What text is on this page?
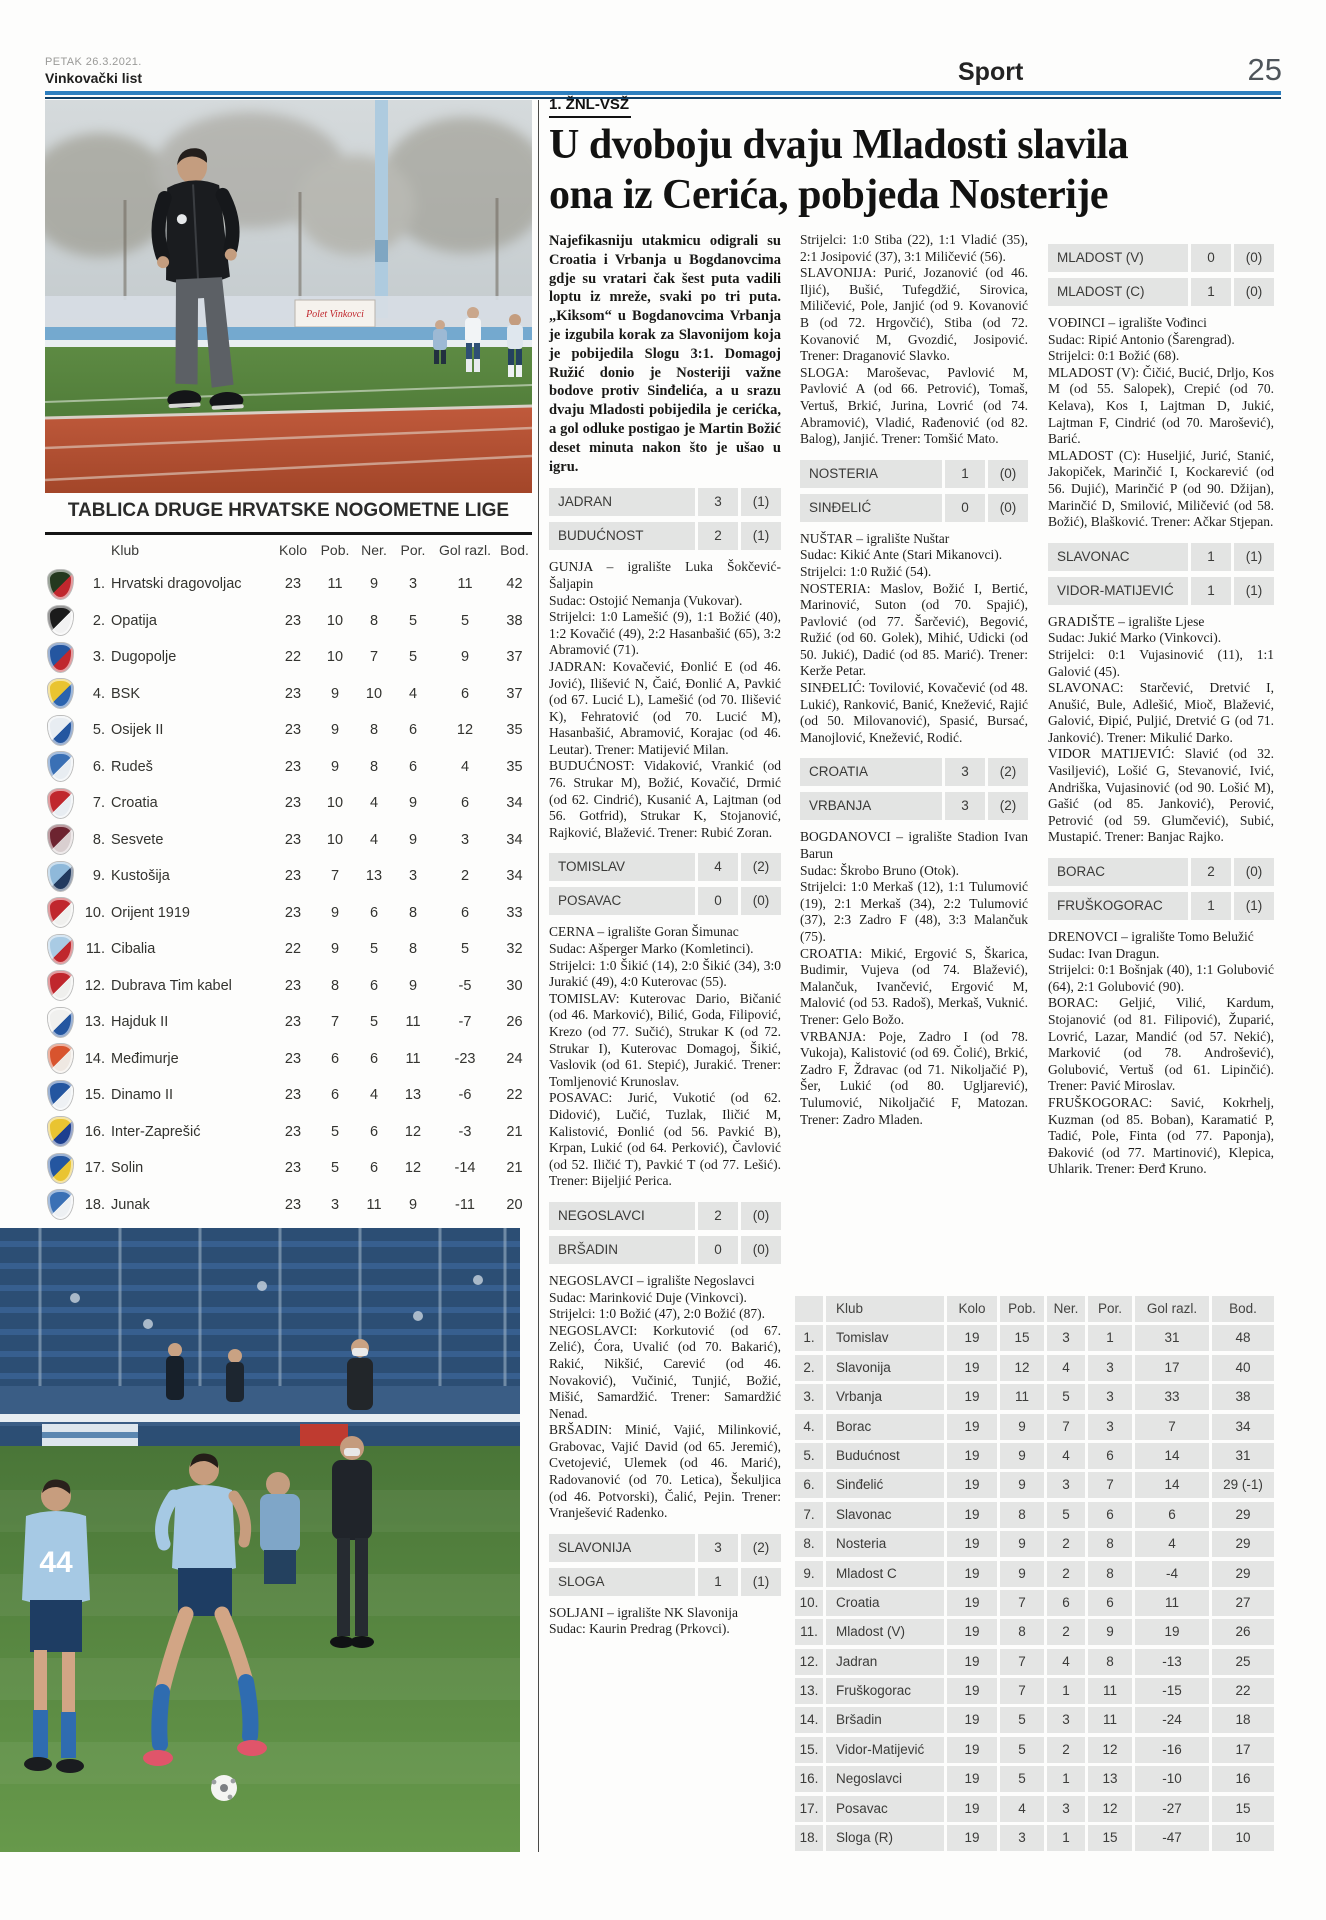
PETAK 26.3.2021.
Vinkovački list	Sport	25
Polet Vinkovci
TABLICA DRUGE HRVATSKE NOGOMETNE LIGE
Klub	Kolo Pob. Ner. Por. Gol razl. Bod.
1. Hrvatski dragovoljac	23	11	9	3	11	42
2. Opatija	23	10	8	5	5	38
3. Dugopolje	22	10	7	5	9	37
4. BSK	23	9	10	4	6	37
5. Osijek II	23	9	8	6	12	35
6. Rudeš	23	9	8	6	4	35
7. Croatia	23	10	4	9	6	34
8. Sesvete	23	10	4	9	3	34
9. Kustošija	23	7	13	3	2	34
10. Orijent 1919	23	9	6	8	6	33
11. Cibalia	22	9	5	8	5	32
12. Dubrava Tim kabel	23	8	6	9	-5	30
13. Hajduk II	23	7	5	11	-7	26
14. Međimurje	23	6	6	11	-23	24
15. Dinamo II	23	6	4	13	-6	22
16. Inter-Zaprešić	23	5	6	12	-3	21
17. Solin	23	5	6	12	-14	21
18. Junak	23	3	11	9	-11	20
44
1. ŽNL-VSŽ
U dvoboju dvaju Mladosti slavila
ona iz Cerića, pobjeda Nosterije

Najefikasniju utakmicu odigrali su Croatia i Vrbanja u Bogdanovcima gdje su vratari čak šest puta vadili loptu iz mreže, svaki po tri puta. „Kiksom“ u Bogdanovcima Vrbanja je izgubila korak za Slavonijom koja je pobijedila Slogu 3:1. Domagoj Ružić donio je Nosteriji važne bodove protiv Sinđelića, a u srazu dvaju Mladosti pobijedila je cerićka, a gol odluke postigao je Martin Božić deset minuta nakon što je ušao u igru.

JADRAN	3	(1)
BUDUĆNOST	2	(1)

GUNJA – igralište Luka Šokčević-Šaljapin

Sudac: Ostojić Nemanja (Vukovar).

Strijelci: 1:0 Lamešić (9), 1:1 Božić (40), 1:2 Kovačić (49), 2:2 Hasanbašić (65), 3:2 Abramović (71).

JADRAN: Kovačević, Đonlić E (od 46. Jović), Ilišević N, Čaić, Đonlić A, Pavkić (od 67. Lucić L), Lamešić (od 70. Ilišević K), Fehratović (od 70. Lucić M), Hasanbašić, Abramović, Korajac (od 46. Leutar). Trener: Matijević Milan.

BUDUĆNOST: Vidaković, Vrankić (od 76. Strukar M), Božić, Kovačić, Drmić (od 62. Cindrić), Kusanić A, Lajtman (od 56. Gotfrid), Strukar K, Stojanović, Rajković, Blažević. Trener: Rubić Zoran.

TOMISLAV	4	(2)
POSAVAC	0	(0)

CERNA – igralište Goran Šimunac

Sudac: Ašperger Marko (Komletinci).

Strijelci: 1:0 Šikić (14), 2:0 Šikić (34), 3:0 Jurakić (49), 4:0 Kuterovac (55).

TOMISLAV: Kuterovac Dario, Bičanić (od 46. Marković), Bilić, Goda, Filipović, Krezo (od 77. Sučić), Strukar K (od 72. Strukar I), Kuterovac Domagoj, Šikić, Vaslovik (od 61. Stepić), Jurakić. Trener: Tomljenović Krunoslav.

POSAVAC: Jurić, Vukotić (od 62. Didović), Lučić, Tuzlak, Iličić M, Kalistović, Đonlić (od 56. Pavkić B), Krpan, Lukić (od 64. Perković), Čavlović (od 52. Iličić T), Pavkić T (od 77. Lešić). Trener: Bijeljić Perica.

NEGOSLAVCI	2	(0)
BRŠADIN	0	(0)

NEGOSLAVCI – igralište Negoslavci

Sudac: Marinković Duje (Vinkovci).

Strijelci: 1:0 Božić (47), 2:0 Božić (87).

NEGOSLAVCI: Korkutović (od 67. Zelić), Ćora, Uvalić (od 70. Bakarić), Rakić, Nikšić, Carević (od 46. Novaković), Vučinić, Tunjić, Božić, Mišić, Samardžić. Trener: Samardžić Nenad.

BRŠADIN: Minić, Vajić, Milinković, Grabovac, Vajić David (od 65. Jeremić), Cvetojević, Ulemek (od 46. Marić), Radovanović (od 70. Letica), Šekuljica (od 46. Potvorski), Čalić, Pejin. Trener: Vranješević Radenko.

SLAVONIJA	3	(2)
SLOGA	1	(1)

SOLJANI – igralište NK Slavonija

Sudac: Kaurin Predrag (Prkovci).

Strijelci: 1:0 Stiba (22), 1:1 Vladić (35), 2:1 Josipović (37), 3:1 Miličević (56).

SLAVONIJA: Purić, Jozanović (od 46. Iljić), Bušić, Tufegdžić, Sirovica, Miličević, Pole, Janjić (od 9. Kovanović B (od 72. Hrgovčić), Stiba (od 72. Kovanović M, Gvozdić, Josipović. Trener: Draganović Slavko.

SLOGA: Maroševac, Pavlović M, Pavlović A (od 66. Petrović), Tomaš, Vertuš, Brkić, Jurina, Lovrić (od 74. Abramović), Vladić, Rađenović (od 82. Balog), Janjić. Trener: Tomšić Mato.

NOSTERIA	1	(0)
SINĐELIĆ	0	(0)

NUŠTAR – igralište Nuštar

Sudac: Kikić Ante (Stari Mikanovci).

Strijelci: 1:0 Ružić (54).

NOSTERIA: Maslov, Božić I, Bertić, Marinović, Suton (od 70. Spajić), Pavlović (od 77. Šarčević), Begović, Ružić (od 60. Golek), Mihić, Udicki (od 50. Jukić), Dadić (od 85. Marić). Trener: Kerže Petar.

SINĐELIĆ: Tovilović, Kovačević (od 48. Lukić), Ranković, Banić, Knežević, Rajić (od 50. Milovanović), Spasić, Bursać, Manojlović, Knežević, Rodić.

CROATIA	3	(2)
VRBANJA	3	(2)

BOGDANOVCI – igralište Stadion Ivan Barun

Sudac: Škrobo Bruno (Otok).

Strijelci: 1:0 Merkaš (12), 1:1 Tulumović (19), 2:1 Merkaš (34), 2:2 Tulumović (37), 2:3 Zadro F (48), 3:3 Malančuk (75).

CROATIA: Mikić, Ergović S, Škarica, Budimir, Vujeva (od 74. Blažević), Malančuk, Ivančević, Ergović M, Malović (od 53. Radoš), Merkaš, Vuknić. Trener: Gelo Božo.

VRBANJA: Poje, Zadro I (od 78. Vukoja), Kalistović (od 69. Čolić), Brkić, Zadro F, Ždravac (od 71. Nikoljačić P), Šer, Lukić (od 80. Ugljarević), Tulumović, Nikoljačić F, Matozan. Trener: Zadro Mladen.

MLADOST (V)	0	(0)
MLADOST (C)	1	(0)

VOĐINCI – igralište Vođinci

Sudac: Ripić Antonio (Šarengrad).

Strijelci: 0:1 Božić (68).

MLADOST (V): Čičić, Bucić, Drljo, Kos M (od 55. Salopek), Crepić (od 70. Kelava), Kos I, Lajtman D, Jukić, Lajtman F, Cindrić (od 70. Marošević), Barić.

MLADOST (C): Huseljić, Jurić, Stanić, Jakopiček, Marinčić I, Kockarević (od 56. Dujić), Marinčić P (od 90. Džijan), Marinčić D, Smilović, Miličević (od 58. Božić), Blašković. Trener: Ačkar Stjepan.

SLAVONAC	1	(1)
VIDOR-MATIJEVIĆ	1	(1)

GRADIŠTE – igralište Ljese

Sudac: Jukić Marko (Vinkovci).

Strijelci: 0:1 Vujasinović (11), 1:1 Galović (45).

SLAVONAC: Starčević, Dretvić I, Anušić, Bule, Adlešić, Mioč, Blažević, Galović, Đipić, Puljić, Dretvić G (od 71. Janković). Trener: Mikulić Darko.

VIDOR MATIJEVIĆ: Slavić (od 32. Vasiljević), Lošić G, Stevanović, Ivić, Andriška, Vujasinović (od 90. Lošić M), Gašić (od 85. Janković), Perović, Petrović (od 59. Glumčević), Subić, Mustapić. Trener: Banjac Rajko.

BORAC	2	(0)
FRUŠKOGORAC	1	(1)

DRENOVCI – igralište Tomo Belužić

Sudac: Ivan Dragun.

Strijelci: 0:1 Bošnjak (40), 1:1 Golubović (64), 2:1 Golubović (90).

BORAC: Geljić, Vilić, Kardum, Stojanović (od 81. Filipović), Župarić, Lovrić, Lazar, Mandić (od 57. Nekić), Marković (od 78. Androšević), Golubović, Vertuš (od 61. Lipinčić). Trener: Pavić Miroslav.

FRUŠKOGORAC: Savić, Kokrhelj, Kuzman (od 85. Boban), Karamatić P, Tadić, Pole, Finta (od 77. Paponja), Đaković (od 77. Martinović), Klepica, Uhlarik. Trener: Đerđ Kruno.

Klub	Kolo	Pob.	Ner.	Por.	Gol razl.	Bod.
1.	Tomislav	19	15	3	1	31	48
2.	Slavonija	19	12	4	3	17	40
3.	Vrbanja	19	11	5	3	33	38
4.	Borac	19	9	7	3	7	34
5.	Budućnost	19	9	4	6	14	31
6.	Sinđelić	19	9	3	7	14	29 (-1)
7.	Slavonac	19	8	5	6	6	29
8.	Nosteria	19	9	2	8	4	29
9.	Mladost C	19	9	2	8	-4	29
10.	Croatia	19	7	6	6	11	27
11.	Mladost (V)	19	8	2	9	19	26
12.	Jadran	19	7	4	8	-13	25
13.	Fruškogorac	19	7	1	11	-15	22
14.	Bršadin	19	5	3	11	-24	18
15.	Vidor-Matijević	19	5	2	12	-16	17
16.	Negoslavci	19	5	1	13	-10	16
17.	Posavac	19	4	3	12	-27	15
18.	Sloga (R)	19	3	1	15	-47	10
